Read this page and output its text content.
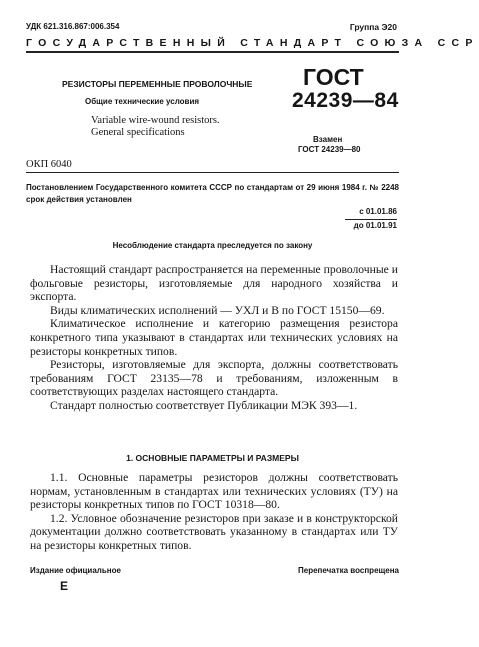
УДК 621.316.867:006.354	Группа Э20
ГОСУДАРСТВЕННЫЙ СТАНДАРТ СОЮЗА ССР
РЕЗИСТОРЫ ПЕРЕМЕННЫЕ ПРОВОЛОЧНЫЕ
Общие технические условия
Variable wire-wound resistors.
General specifications
ГОСТ
24239—84
Взамен
ГОСТ 24239—80
ОКП 6040
Постановлением Государственного комитета СССР по стандартам от 29 июня 1984 г. № 2248 срок действия установлен
с 01.01.86
до 01.01.91
Несоблюдение стандарта преследуется по закону

Настоящий стандарт распространяется на переменные проволочные и фольговые резисторы, изготовляемые для народного хозяйства и экспорта.

Виды климатических исполнений — УХЛ и В по ГОСТ 15150—69.

Климатическое исполнение и категорию размещения резистора конкретного типа указывают в стандартах или технических условиях на резисторы конкретных типов.

Резисторы, изготовляемые для экспорта, должны соответствовать требованиям ГОСТ 23135—78 и требованиям, изложенным в соответствующих разделах настоящего стандарта.

Стандарт полностью соответствует Публикации МЭК 393—1.

1. ОСНОВНЫЕ ПАРАМЕТРЫ И РАЗМЕРЫ

1.1. Основные параметры резисторов должны соответствовать нормам, установленным в стандартах или технических условиях (ТУ) на резисторы конкретных типов по ГОСТ 10318—80.

1.2. Условное обозначение резисторов при заказе и в конструкторской документации должно соответствовать указанному в стандартах или ТУ на резисторы конкретных типов.

Издание официальное	Перепечатка воспрещена
Е
